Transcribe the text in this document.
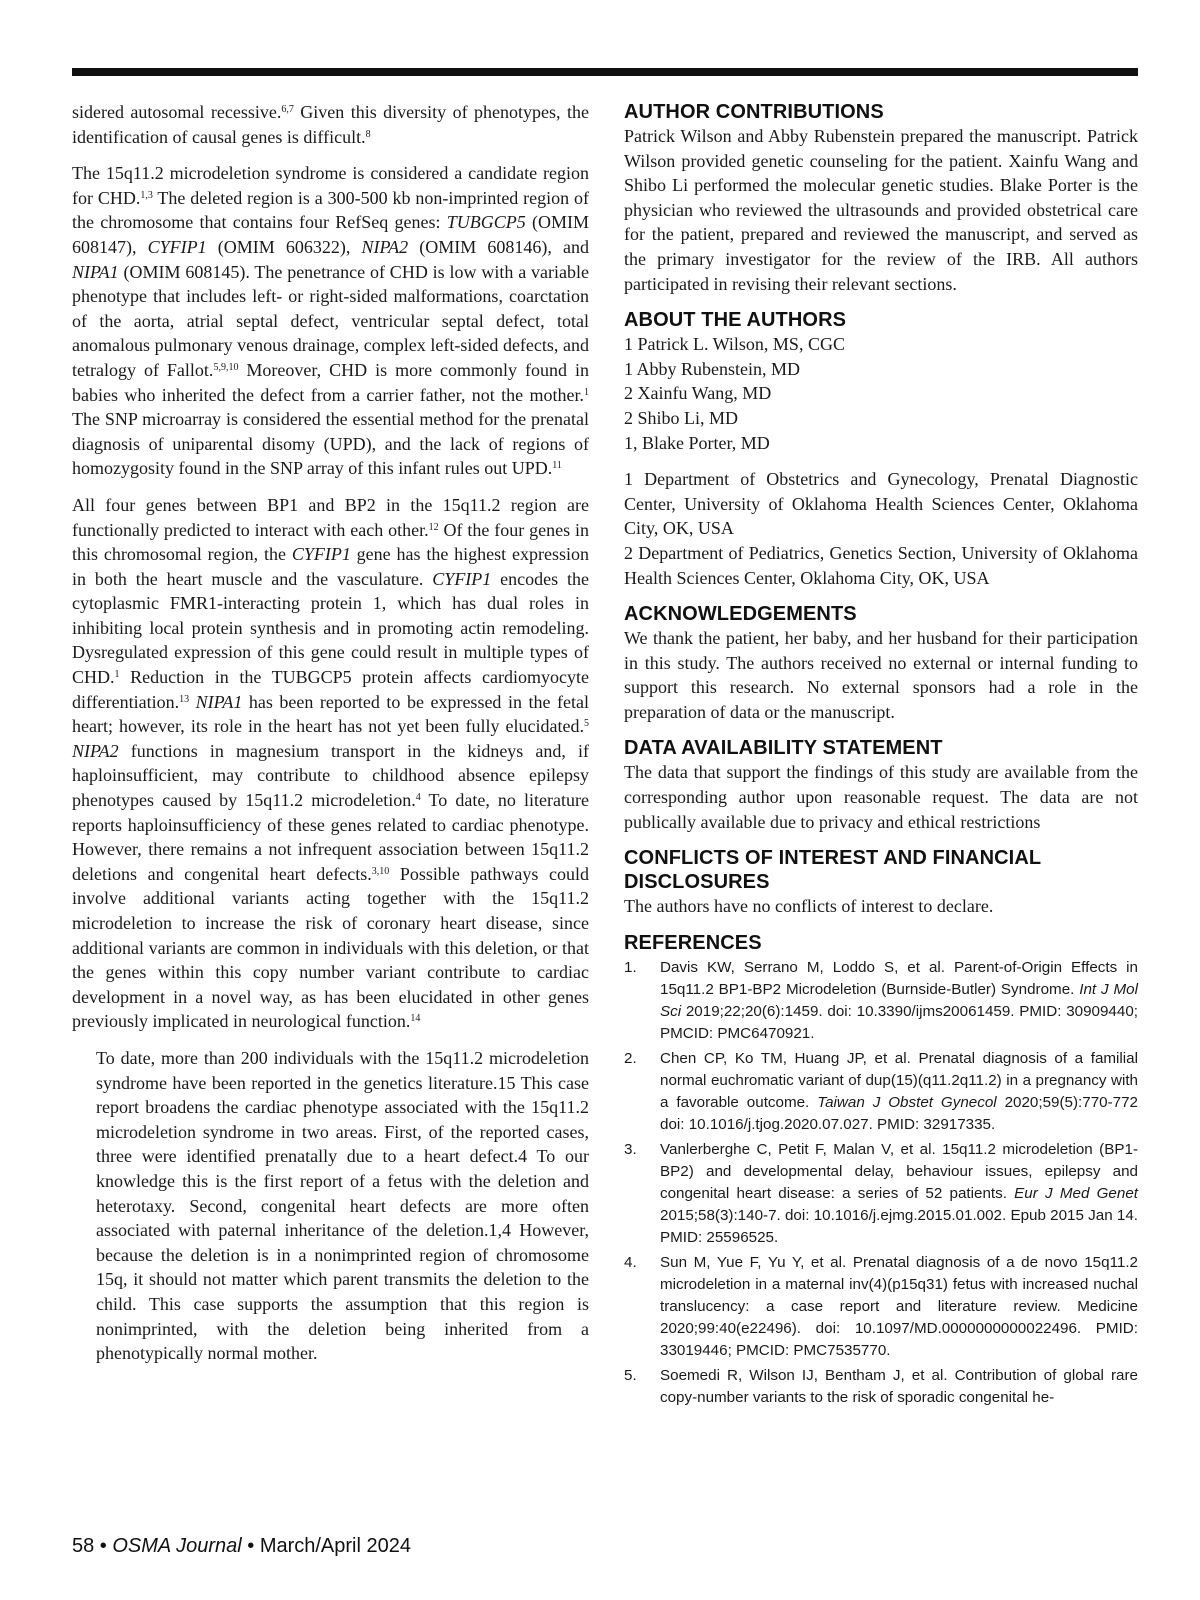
sidered autosomal recessive.$^{6,7}$ Given this diversity of phenotypes, the identification of causal genes is difficult.$^8$

The 15q11.2 microdeletion syndrome is considered a candidate region for CHD.$^{1,3}$ The deleted region is a 300-500 kb non-imprinted region of the chromosome that contains four RefSeq genes: TUBGCP5 (OMIM 608147), CYFIP1 (OMIM 606322), NIPA2 (OMIM 608146), and NIPA1 (OMIM 608145). The penetrance of CHD is low with a variable phenotype that includes left- or right-sided malformations, coarctation of the aorta, atrial septal defect, ventricular septal defect, total anomalous pulmonary venous drainage, complex left-sided defects, and tetralogy of Fallot.$^{5,9,10}$ Moreover, CHD is more commonly found in babies who inherited the defect from a carrier father, not the mother.$^1$ The SNP microarray is considered the essential method for the prenatal diagnosis of uniparental disomy (UPD), and the lack of regions of homozygosity found in the SNP array of this infant rules out UPD.$^{11}$

All four genes between BP1 and BP2 in the 15q11.2 region are functionally predicted to interact with each other.$^{12}$ Of the four genes in this chromosomal region, the CYFIP1 gene has the highest expression in both the heart muscle and the vasculature. CYFIP1 encodes the cytoplasmic FMR1-interacting protein 1, which has dual roles in inhibiting local protein synthesis and in promoting actin remodeling. Dysregulated expression of this gene could result in multiple types of CHD.$^1$ Reduction in the TUBGCP5 protein affects cardiomyocyte differentiation.$^{13}$ NIPA1 has been reported to be expressed in the fetal heart; however, its role in the heart has not yet been fully elucidated.$^5$ NIPA2 functions in magnesium transport in the kidneys and, if haploinsufficient, may contribute to childhood absence epilepsy phenotypes caused by 15q11.2 microdeletion.$^4$ To date, no literature reports haploinsufficiency of these genes related to cardiac phenotype. However, there remains a not infrequent association between 15q11.2 deletions and congenital heart defects.$^{3,10}$ Possible pathways could involve additional variants acting together with the 15q11.2 microdeletion to increase the risk of coronary heart disease, since additional variants are common in individuals with this deletion, or that the genes within this copy number variant contribute to cardiac development in a novel way, as has been elucidated in other genes previously implicated in neurological function.$^{14}$

To date, more than 200 individuals with the 15q11.2 microdeletion syndrome have been reported in the genetics literature.15 This case report broadens the cardiac phenotype associated with the 15q11.2 microdeletion syndrome in two areas. First, of the reported cases, three were identified prenatally due to a heart defect.4 To our knowledge this is the first report of a fetus with the deletion and heterotaxy. Second, congenital heart defects are more often associated with paternal inheritance of the deletion.1,4 However, because the deletion is in a nonimprinted region of chromosome 15q, it should not matter which parent transmits the deletion to the child. This case supports the assumption that this region is nonimprinted, with the deletion being inherited from a phenotypically normal mother.

AUTHOR CONTRIBUTIONS

Patrick Wilson and Abby Rubenstein prepared the manuscript. Patrick Wilson provided genetic counseling for the patient. Xainfu Wang and Shibo Li performed the molecular genetic studies. Blake Porter is the physician who reviewed the ultrasounds and provided obstetrical care for the patient, prepared and reviewed the manuscript, and served as the primary investigator for the review of the IRB. All authors participated in revising their relevant sections.

ABOUT THE AUTHORS
1 Patrick L. Wilson, MS, CGC
1 Abby Rubenstein, MD
2 Xainfu Wang, MD
2 Shibo Li, MD
1, Blake Porter, MD

1 Department of Obstetrics and Gynecology, Prenatal Diagnostic Center, University of Oklahoma Health Sciences Center, Oklahoma City, OK, USA

2 Department of Pediatrics, Genetics Section, University of Oklahoma Health Sciences Center, Oklahoma City, OK, USA

ACKNOWLEDGEMENTS

We thank the patient, her baby, and her husband for their participation in this study. The authors received no external or internal funding to support this research. No external sponsors had a role in the preparation of data or the manuscript.

DATA AVAILABILITY STATEMENT

The data that support the findings of this study are available from the corresponding author upon reasonable request. The data are not publically available due to privacy and ethical restrictions

CONFLICTS OF INTEREST AND FINANCIAL DISCLOSURES

The authors have no conflicts of interest to declare.

REFERENCES
1.	Davis KW, Serrano M, Loddo S, et al. Parent-of-Origin Effects in 15q11.2 BP1-BP2 Microdeletion (Burnside-Butler) Syndrome. Int J Mol Sci 2019;22;20(6):1459. doi: 10.3390/ijms20061459. PMID: 30909440; PMCID: PMC6470921.
2.	Chen CP, Ko TM, Huang JP, et al. Prenatal diagnosis of a familial normal euchromatic variant of dup(15)(q11.2q11.2) in a pregnancy with a favorable outcome. Taiwan J Obstet Gynecol 2020;59(5):770-772 doi: 10.1016/j.tjog.2020.07.027. PMID: 32917335.
3.	Vanlerberghe C, Petit F, Malan V, et al. 15q11.2 microdeletion (BP1-BP2) and developmental delay, behaviour issues, epilepsy and congenital heart disease: a series of 52 patients. Eur J Med Genet 2015;58(3):140-7. doi: 10.1016/j.ejmg.2015.01.002. Epub 2015 Jan 14. PMID: 25596525.
4.	Sun M, Yue F, Yu Y, et al. Prenatal diagnosis of a de novo 15q11.2 microdeletion in a maternal inv(4)(p15q31) fetus with increased nuchal translucency: a case report and literature review. Medicine 2020;99:40(e22496). doi: 10.1097/MD.0000000000022496. PMID: 33019446; PMCID: PMC7535770.
5.	Soemedi R, Wilson IJ, Bentham J, et al. Contribution of global rare copy-number variants to the risk of sporadic congenital he-
58 • OSMA Journal • March/April 2024
